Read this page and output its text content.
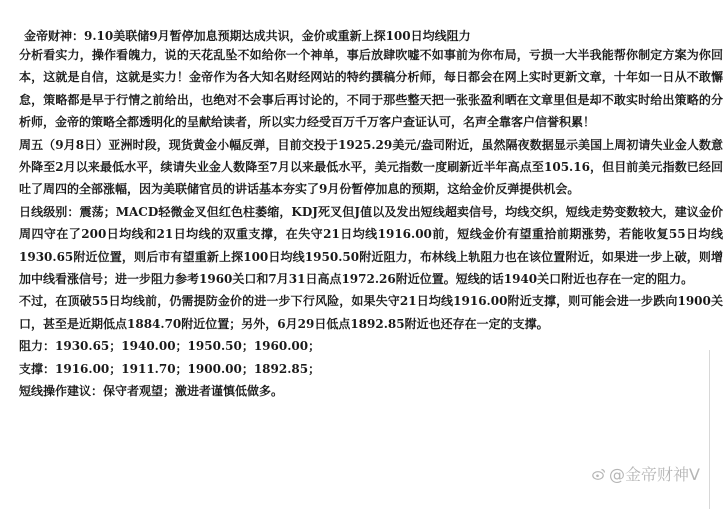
金帝财神：9.10美联储9月暂停加息预期达成共识，金价或重新上探100日均线阻力

分析看实力，操作看魄力，说的天花乱坠不如给你一个神单，事后放肆吹嘘不如事前为你布局，亏损一大半我能帮你制定方案为你回本，这就是自信，这就是实力！金帝作为各大知名财经网站的特约撰稿分析师，每日都会在网上实时更新文章，十年如一日从不敢懈怠，策略都是早于行情之前给出，也绝对不会事后再讨论的，不同于那些整天把一张张盈利晒在文章里但是却不敢实时给出策略的分析师，金帝的策略全都透明化的呈献给读者，所以实力经受百万千万客户查证认可，名声全靠客户信誉积累！

周五（9月8日）亚洲时段，现货黄金小幅反弹，目前交投于1925.29美元/盎司附近，虽然隔夜数据显示美国上周初请失业金人数意外降至2月以来最低水平，续请失业金人数降至7月以来最低水平，美元指数一度刷新近半年高点至105.16，但目前美元指数已经回吐了周四的全部涨幅，因为美联储官员的讲话基本夯实了9月份暂停加息的预期，这给金价反弹提供机会。

日线级别：震荡；MACD轻微金叉但红色柱萎缩，KDJ死叉但J值以及发出短线超卖信号，均线交织，短线走势变数较大，建议金价周四守在了200日均线和21日均线的双重支撑，在失守21日均线1916.00前，短线金价有望重拾前期涨势，若能收复55日均线1930.65附近位置，则后市有望重新上探100日均线1950.50附近阻力，布林线上轨阻力也在该位置附近，如果进一步上破，则增加中线看涨信号；进一步阻力参考1960关口和7月31日高点1972.26附近位置。短线的话1940关口附近也存在一定的阻力。

不过，在顶破55日均线前，仍需提防金价的进一步下行风险，如果失守21日均线1916.00附近支撑，则可能会进一步跌向1900关口，甚至是近期低点1884.70附近位置；另外，6月29日低点1892.85附近也还存在一定的支撑。

阻力：1930.65；1940.00；1950.50；1960.00；

支撑：1916.00；1911.70；1900.00；1892.85；

短线操作建议：保守者观望；激进者谨慎低做多。

@金帝财神V
